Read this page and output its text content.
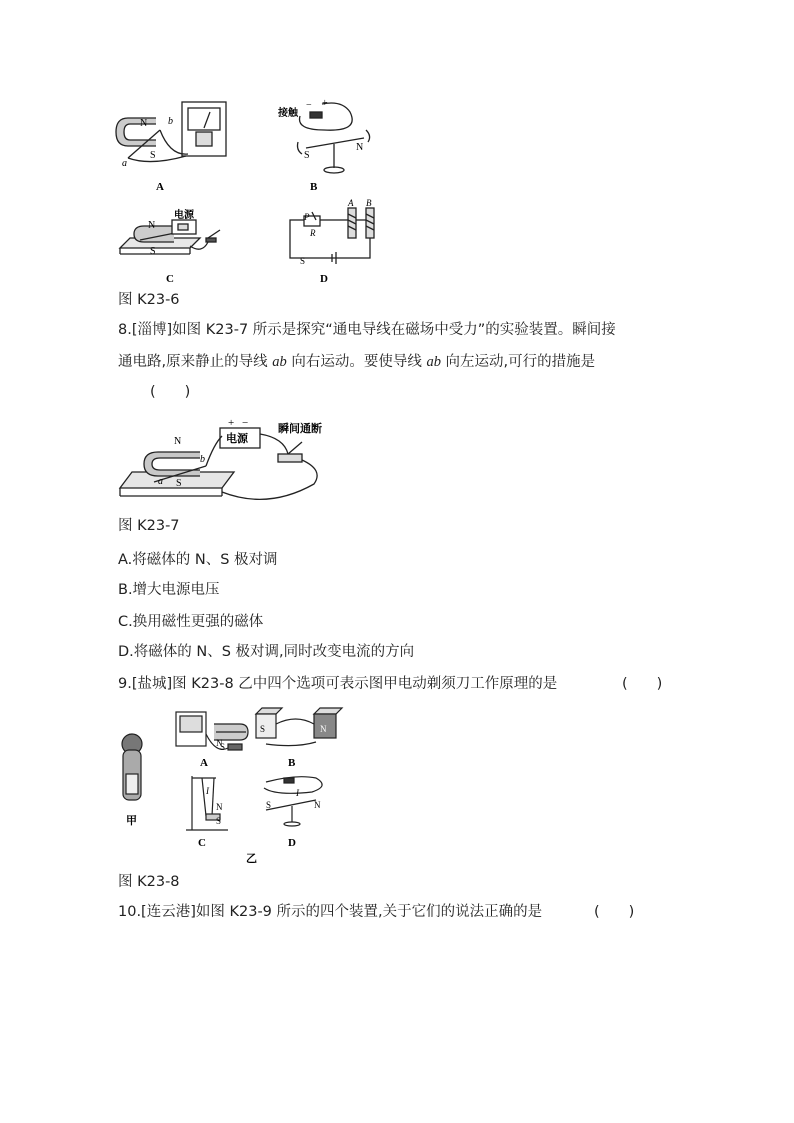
N b
a
S
A
接触
− +
S
N
B
N
电源
S
C
P
R
A B
S
D
图 K23-6
8.[淄博]如图 K23-7 所示是探究“通电导线在磁场中受力”的实验装置。瞬间接
通电路,原来静止的导线 ab 向右运动。要使导线 ab 向左运动,可行的措施是
(　　)
电源
+ −	瞬间通断
N
b
a S
图 K23-7
A.将磁体的 N、S 极对调
B.增大电源电压
C.换用磁性更强的磁体
D.将磁体的 N、S 极对调,同时改变电流的方向
9.[盐城]图 K23-8 乙中四个选项可表示图甲电动剃须刀工作原理的是	(　　)
甲
S
N
A
S	N
B
I
N
S
C
I
S	N
D
乙
图 K23-8
10.[连云港]如图 K23-9 所示的四个装置,关于它们的说法正确的是	(　　)
